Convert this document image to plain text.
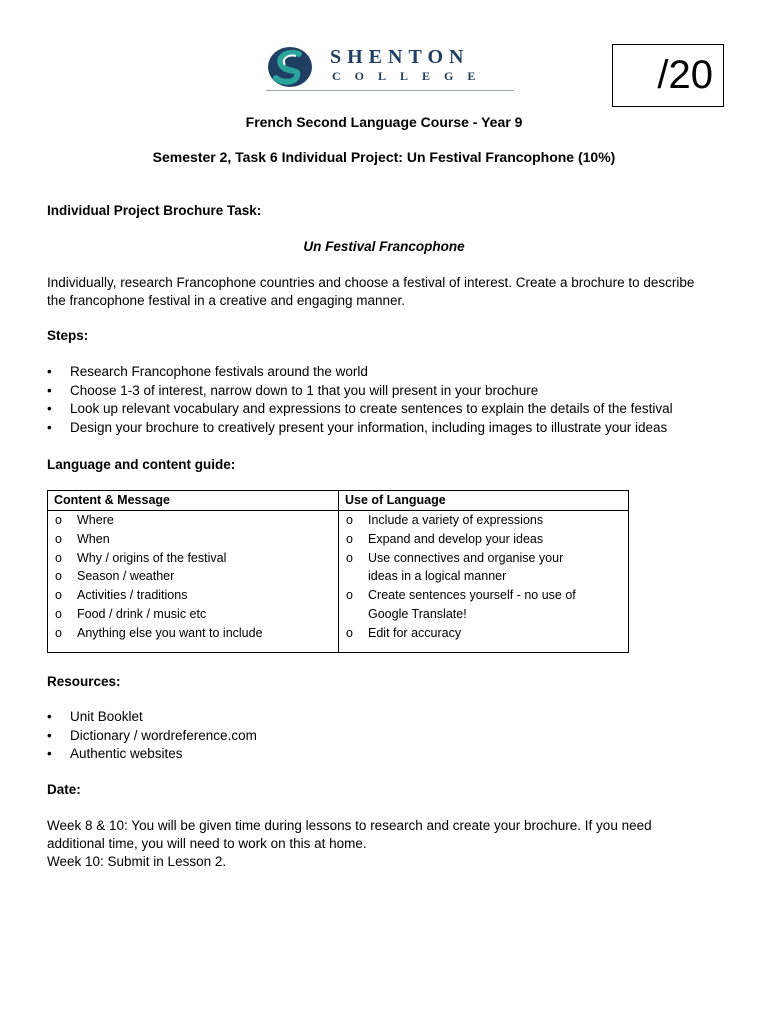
SHENTON
COLLEGE	/20
French Second Language Course - Year 9
Semester 2, Task 6 Individual Project: Un Festival Francophone (10%)
Individual Project Brochure Task:
Un Festival Francophone
Individually, research Francophone countries and choose a festival of interest. Create a brochure to describe the francophone festival in a creative and engaging manner.
Steps:
• Research Francophone festivals around the world
• Choose 1-3 of interest, narrow down to 1 that you will present in your brochure
• Look up relevant vocabulary and expressions to create sentences to explain the details of the festival
• Design your brochure to creatively present your information, including images to illustrate your ideas
Language and content guide:
Content & Message
o Where
o When
o Why / origins of the festival
o Season / weather
o Activities / traditions
o Food / drink / music etc
o Anything else you want to include
Use of Language
o Include a variety of expressions
o Expand and develop your ideas
o Use connectives and organise your ideas in a logical manner
o Create sentences yourself - no use of Google Translate!
o Edit for accuracy
Resources:
• Unit Booklet
• Dictionary / wordreference.com
• Authentic websites
Date:
Week 8 & 10: You will be given time during lessons to research and create your brochure. If you need additional time, you will need to work on this at home.
Week 10: Submit in Lesson 2.
